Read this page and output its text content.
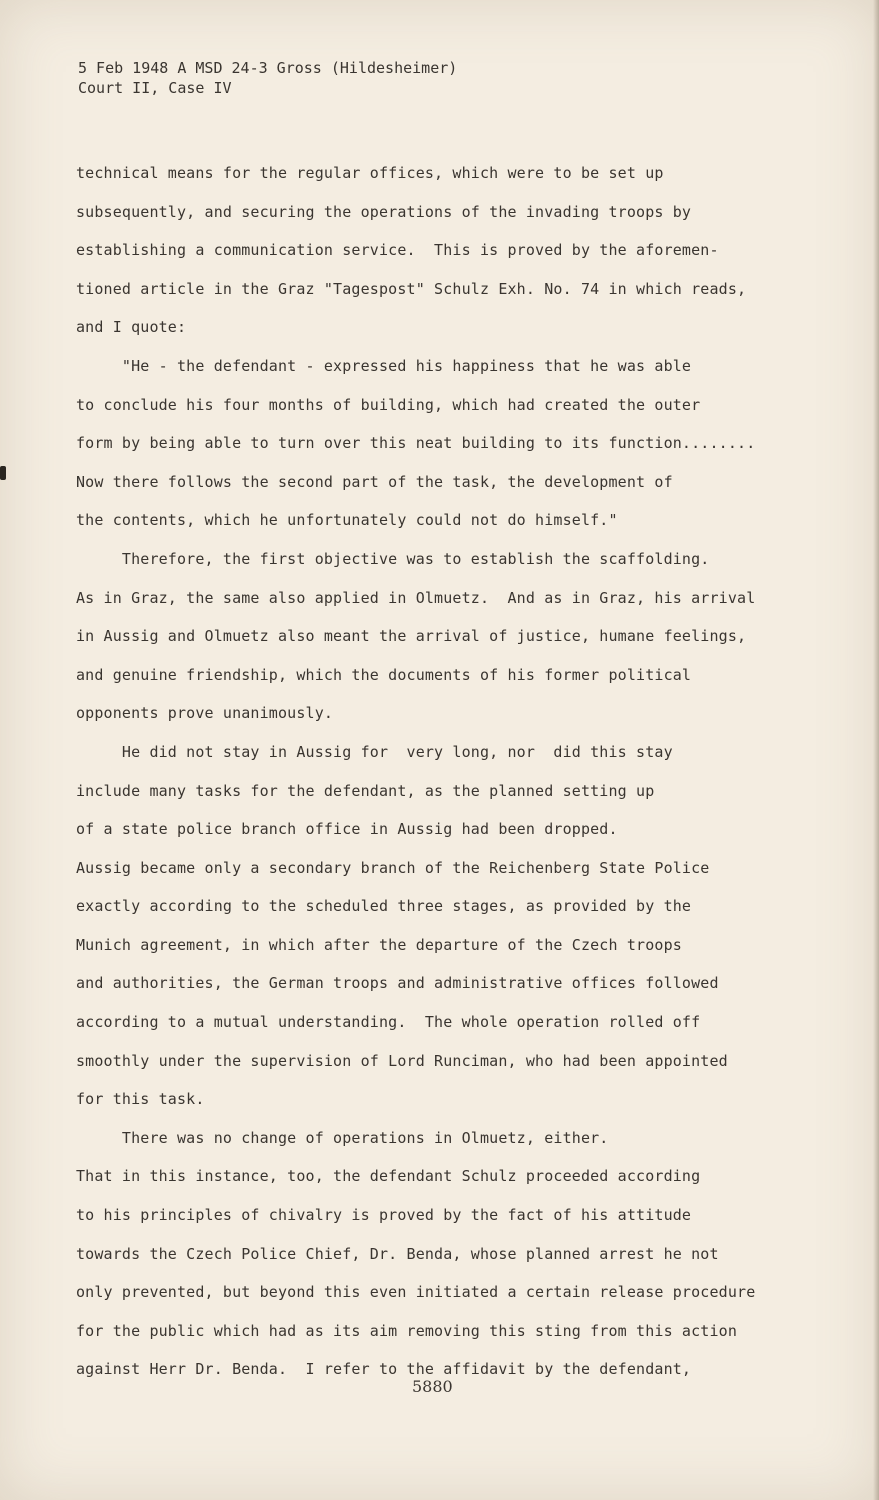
5 Feb 1948 A MSD 24-3 Gross (Hildesheimer)
Court II, Case IV
technical means for the regular offices, which were to be set up
subsequently, and securing the operations of the invading troops by
establishing a communication service.  This is proved by the aforemen-
tioned article in the Graz "Tagespost" Schulz Exh. No. 74 in which reads,
and I quote:
"He - the defendant - expressed his happiness that he was able
to conclude his four months of building, which had created the outer
form by being able to turn over this neat building to its function........
Now there follows the second part of the task, the development of
the contents, which he unfortunately could not do himself."
Therefore, the first objective was to establish the scaffolding.
As in Graz, the same also applied in Olmuetz.  And as in Graz, his arrival
in Aussig and Olmuetz also meant the arrival of justice, humane feelings,
and genuine friendship, which the documents of his former political
opponents prove unanimously.
He did not stay in Aussig for  very long, nor  did this stay
include many tasks for the defendant, as the planned setting up
of a state police branch office in Aussig had been dropped.
Aussig became only a secondary branch of the Reichenberg State Police
exactly according to the scheduled three stages, as provided by the
Munich agreement, in which after the departure of the Czech troops
and authorities, the German troops and administrative offices followed
according to a mutual understanding.  The whole operation rolled off
smoothly under the supervision of Lord Runciman, who had been appointed
for this task.
There was no change of operations in Olmuetz, either.
That in this instance, too, the defendant Schulz proceeded according
to his principles of chivalry is proved by the fact of his attitude
towards the Czech Police Chief, Dr. Benda, whose planned arrest he not
only prevented, but beyond this even initiated a certain release procedure
for the public which had as its aim removing this sting from this action
against Herr Dr. Benda.  I refer to the affidavit by the defendant,
5880
